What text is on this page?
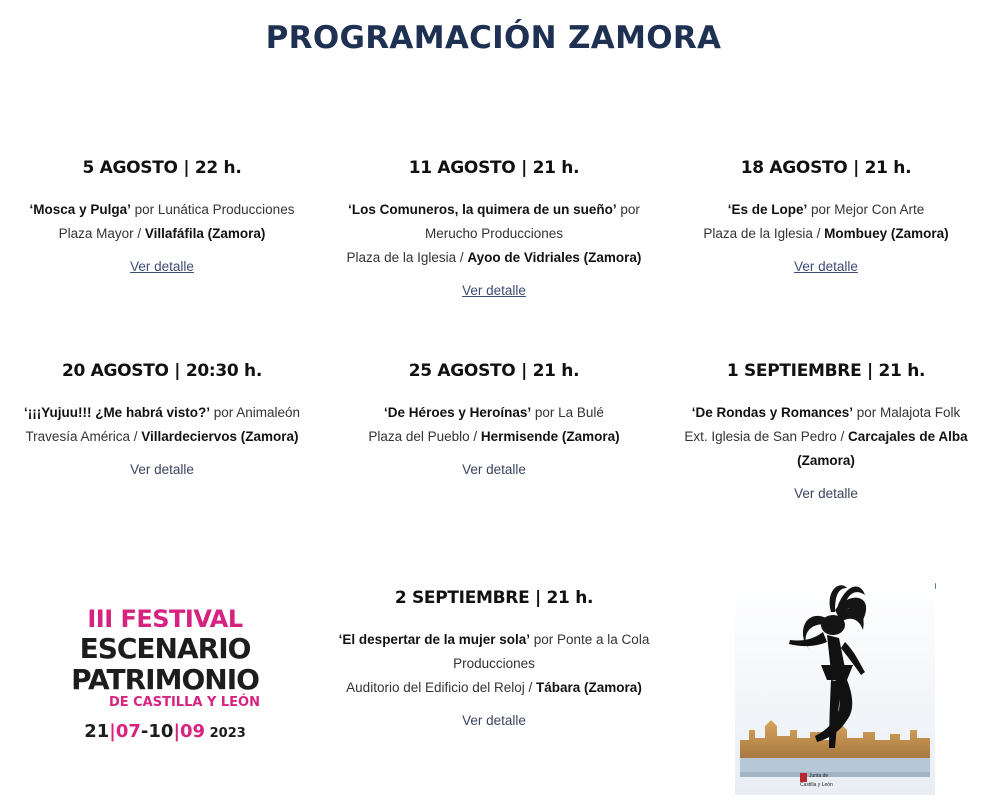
PROGRAMACIÓN ZAMORA
5 AGOSTO | 22 h.
‘Mosca y Pulga’ por Lunática Producciones
Plaza Mayor / Villafáfila (Zamora)
Ver detalle
11 AGOSTO | 21 h.
‘Los Comuneros, la quimera de un sueño’ por Merucho Producciones
Plaza de la Iglesia / Ayoo de Vidriales (Zamora)
Ver detalle
18 AGOSTO | 21 h.
‘Es de Lope’ por Mejor Con Arte
Plaza de la Iglesia / Mombuey (Zamora)
Ver detalle
20 AGOSTO | 20:30 h.
‘¡¡¡Yujuu!!! ¿Me habrá visto?’ por Animaleón
Travesía América / Villardeciervos (Zamora)
Ver detalle
25 AGOSTO | 21 h.
‘De Héroes y Heroínas’ por La Bulé
Plaza del Pueblo / Hermisende (Zamora)
Ver detalle
1 SEPTIEMBRE | 21 h.
‘De Rondas y Romances’ por Malajota Folk
Ext. Iglesia de San Pedro / Carcajales de Alba (Zamora)
Ver detalle
III FESTIVAL
ESCENARIO
PATRIMONIO
DE CASTILLA Y LEÓN
21|07-10|09 2023
2 SEPTIEMBRE | 21 h.
‘El despertar de la mujer sola’ por Ponte a la Cola Producciones
Auditorio del Edificio del Reloj / Tábara (Zamora)
Ver detalle
Junta de Castilla y León
